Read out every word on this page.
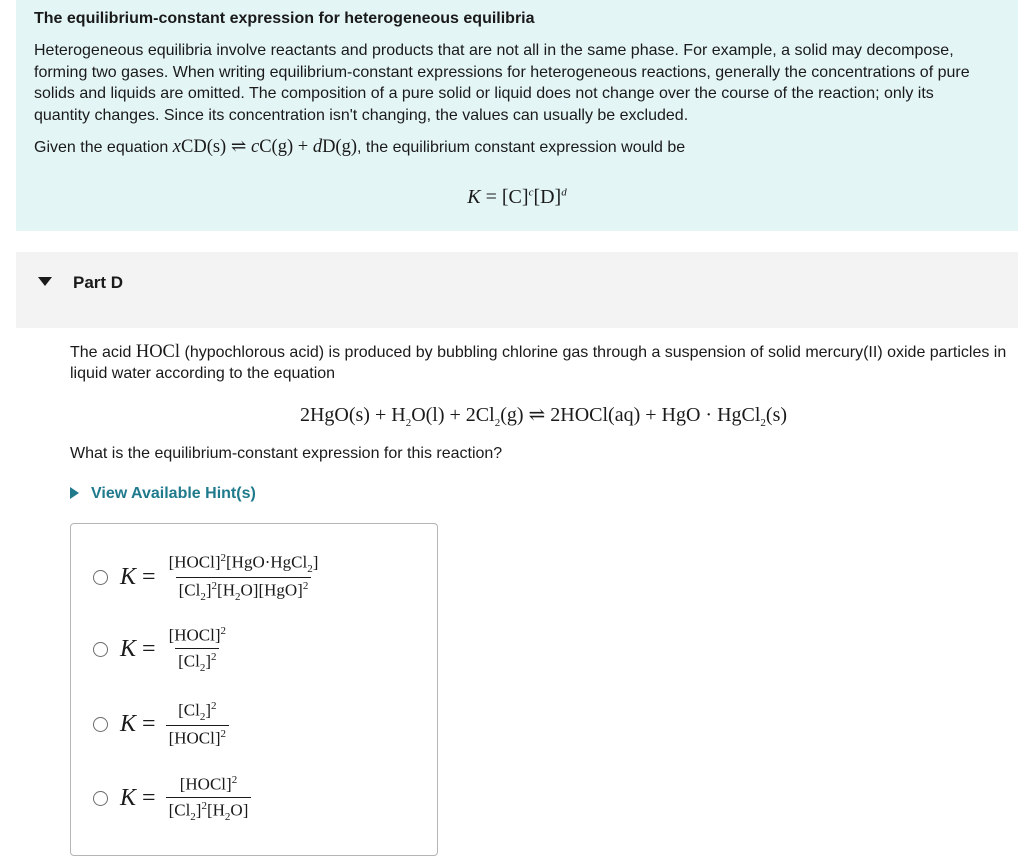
The equilibrium-constant expression for heterogeneous equilibria

Heterogeneous equilibria involve reactants and products that are not all in the same phase. For example, a solid may decompose, forming two gases. When writing equilibrium-constant expressions for heterogeneous reactions, generally the concentrations of pure solids and liquids are omitted. The composition of a pure solid or liquid does not change over the course of the reaction; only its quantity changes. Since its concentration isn't changing, the values can usually be excluded.
Given the equation xCD(s) ⇌ cC(g) + dD(g), the equilibrium constant expression would be
$K = [C]^c[D]^d$
Part D
The acid HOCl (hypochlorous acid) is produced by bubbling chlorine gas through a suspension of solid mercury(II) oxide particles in liquid water according to the equation
$2HgO(s) + H_2O(l) + 2Cl_2(g)$ ⇌ 2HOCl(aq) + HgO · HgCl$_2$(s)
What is the equilibrium-constant expression for this reaction?
View Available Hint(s)
$K = \frac{[HOCl]^2[HgO\cdot HgCl_2]}{[Cl_2]^2[H_2O][HgO]^2}$
$K = \frac{[HOCl]^2}{[Cl_2]^2}$
$K = \frac{[Cl_2]^2}{[HOCl]^2}$
$K = \frac{[HOCl]^2}{[Cl_2]^2[H_2O]}$
